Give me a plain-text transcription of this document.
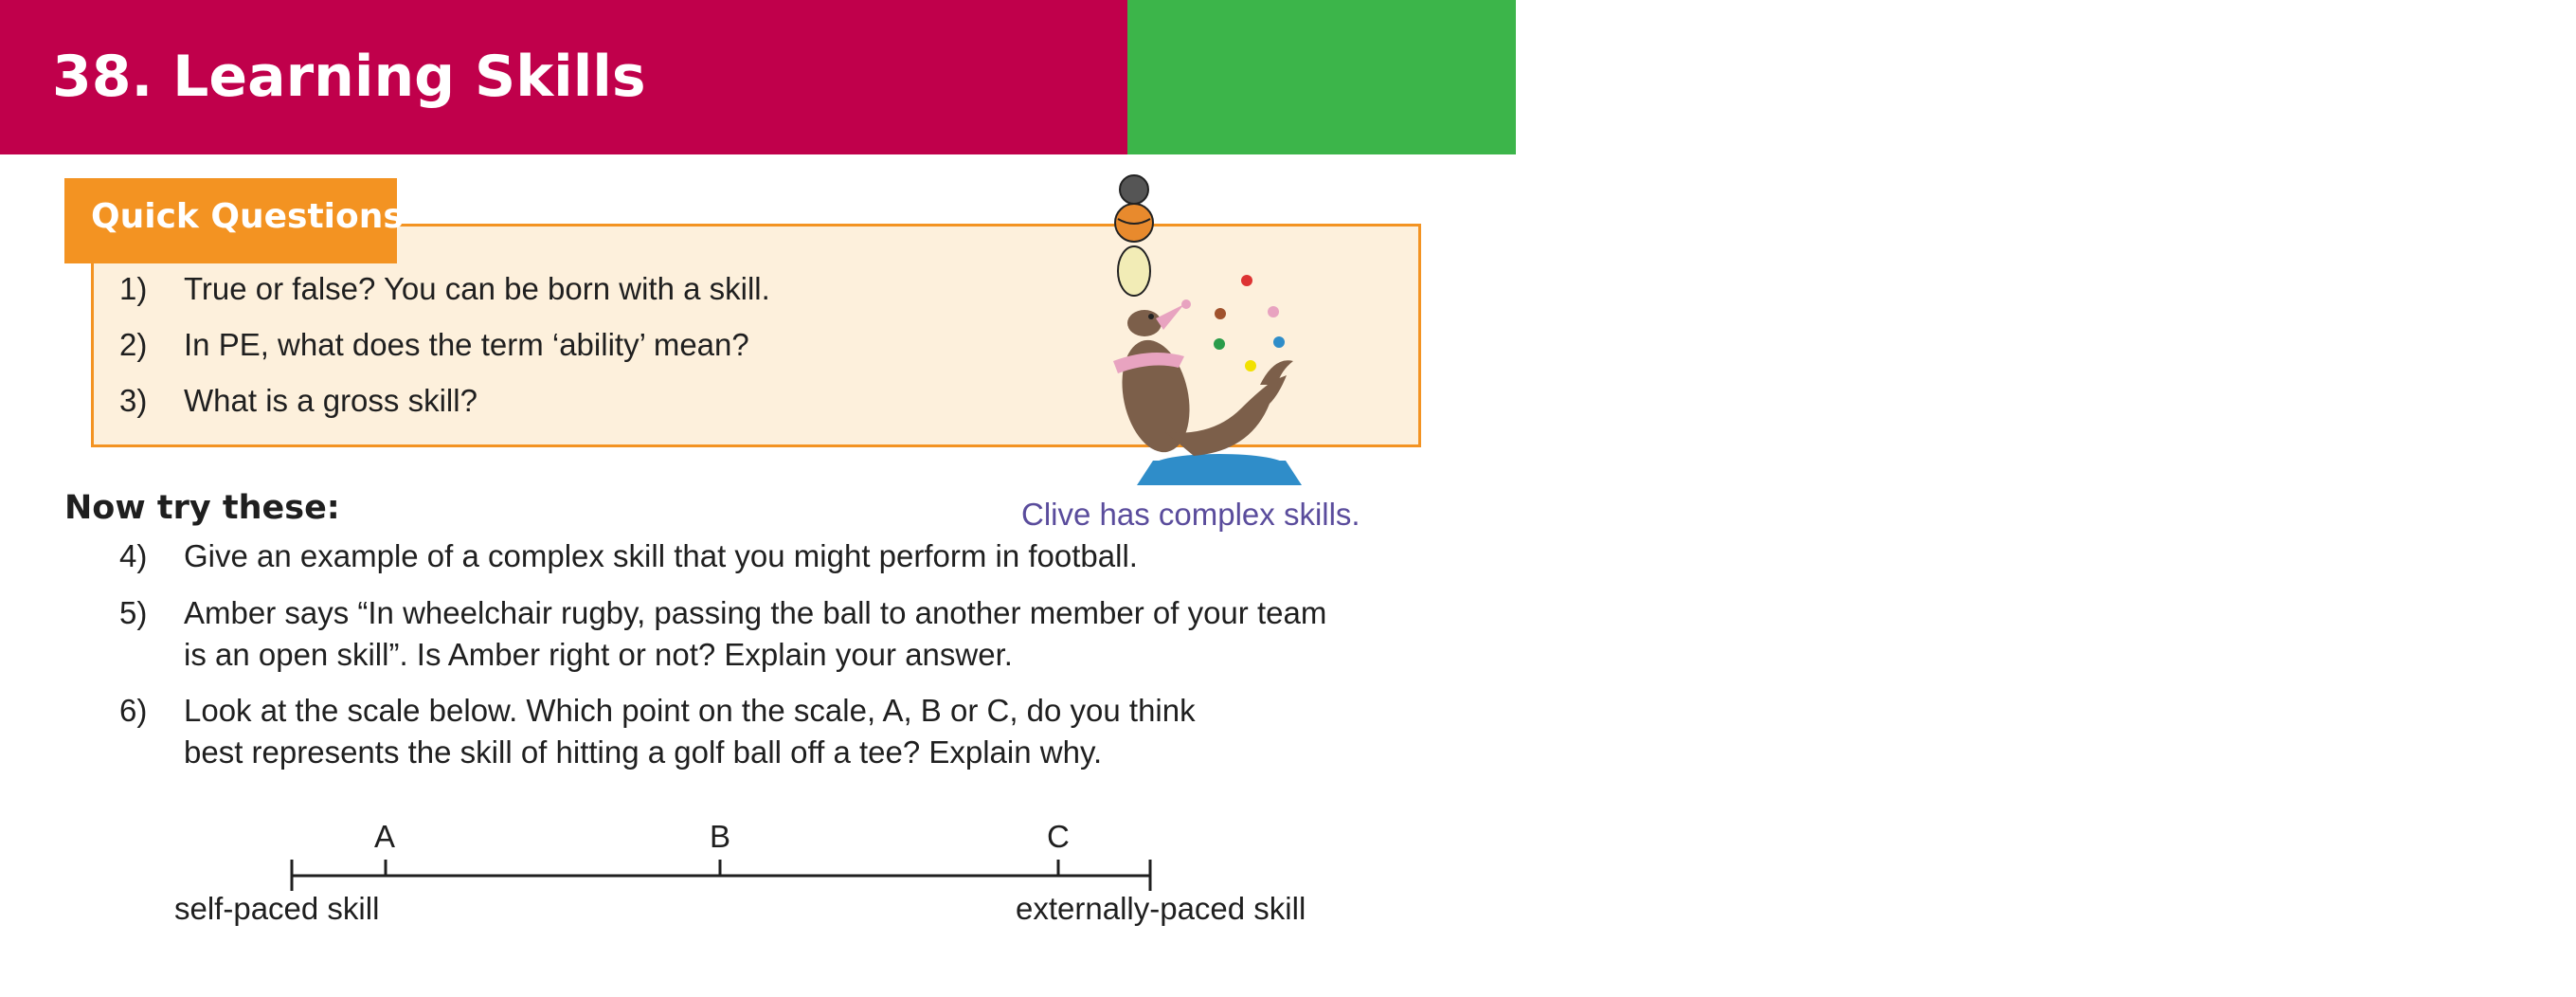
38. Learning Skills	Sport Psychology
Quick Questions
1) True or false? You can be born with a skill.
2) In PE, what does the term ‘ability’ mean?
3) What is a gross skill?
Now try these:	Clive has complex skills.
4) Give an example of a complex skill that you might perform in football.
5) Amber says “In wheelchair rugby, passing the ball to another member of your team
is an open skill”. Is Amber right or not? Explain your answer.
6) Look at the scale below. Which point on the scale, A, B or C, do you think
best represents the skill of hitting a golf ball off a tee? Explain why.
A	B	C
self-paced skill	externally-paced skill
